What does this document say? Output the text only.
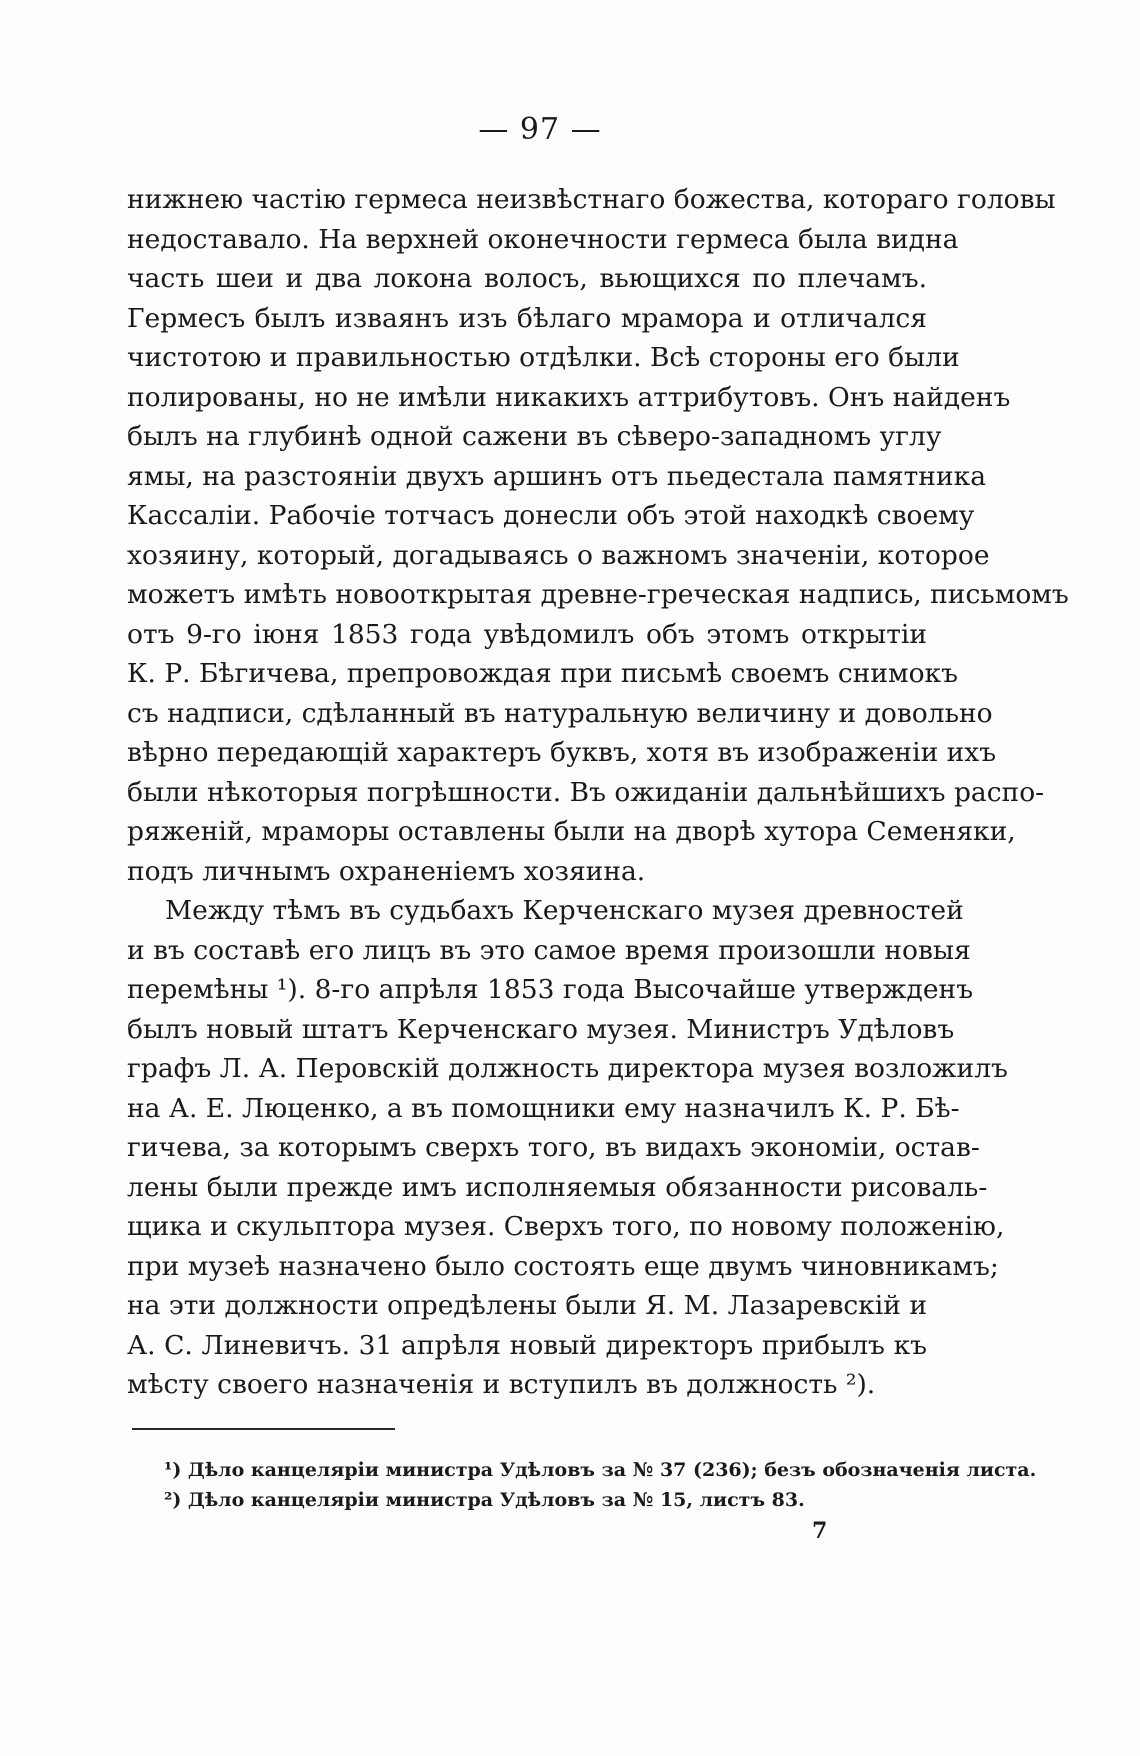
— 97 —
нижнею частію гермеса неизвѣстнаго божества, котораго головы
недоставало. На верхней оконечности гермеса была видна
часть шеи и два локона волосъ, вьющихся по плечамъ.
Гермесъ былъ изваянъ изъ бѣлаго мрамора и отличался
чистотою и правильностью отдѣлки. Всѣ стороны его были
полированы, но не имѣли никакихъ аттрибутовъ. Онъ найденъ
былъ на глубинѣ одной сажени въ сѣверо-западномъ углу
ямы, на разстояніи двухъ аршинъ отъ пьедестала памятника
Кассаліи. Рабочіе тотчасъ донесли объ этой находкѣ своему
хозяину, который, догадываясь о важномъ значеніи, которое
можетъ имѣть новооткрытая древне-греческая надпись, письмомъ
отъ 9-го іюня 1853 года увѣдомилъ объ этомъ открытіи
К. Р. Бѣгичева, препровождая при письмѣ своемъ снимокъ
съ надписи, сдѣланный въ натуральную величину и довольно
вѣрно передающій характеръ буквъ, хотя въ изображеніи ихъ
были нѣкоторыя погрѣшности. Въ ожиданіи дальнѣйшихъ распо-
ряженій, мраморы оставлены были на дворѣ хутора Семеняки,
подъ личнымъ охраненіемъ хозяина.
Между тѣмъ въ судьбахъ Керченскаго музея древностей
и въ составѣ его лицъ въ это самое время произошли новыя
перемѣны ¹). 8-го апрѣля 1853 года Высочайше утвержденъ
былъ новый штатъ Керченскаго музея. Министръ Удѣловъ
графъ Л. А. Перовскій должность директора музея возложилъ
на А. Е. Люценко, а въ помощники ему назначилъ К. Р. Бѣ-
гичева, за которымъ сверхъ того, въ видахъ экономіи, остав-
лены были прежде имъ исполняемыя обязанности рисоваль-
щика и скульптора музея. Сверхъ того, по новому положенію,
при музеѣ назначено было состоять еще двумъ чиновникамъ;
на эти должности опредѣлены были Я. М. Лазаревскій и
А. С. Линевичъ. 31 апрѣля новый директоръ прибылъ къ
мѣсту своего назначенія и вступилъ въ должность ²).
¹) Дѣло канцеляріи министра Удѣловъ за № 37 (236); безъ обозначенія листа.
²) Дѣло канцеляріи министра Удѣловъ за № 15, листъ 83.
7
